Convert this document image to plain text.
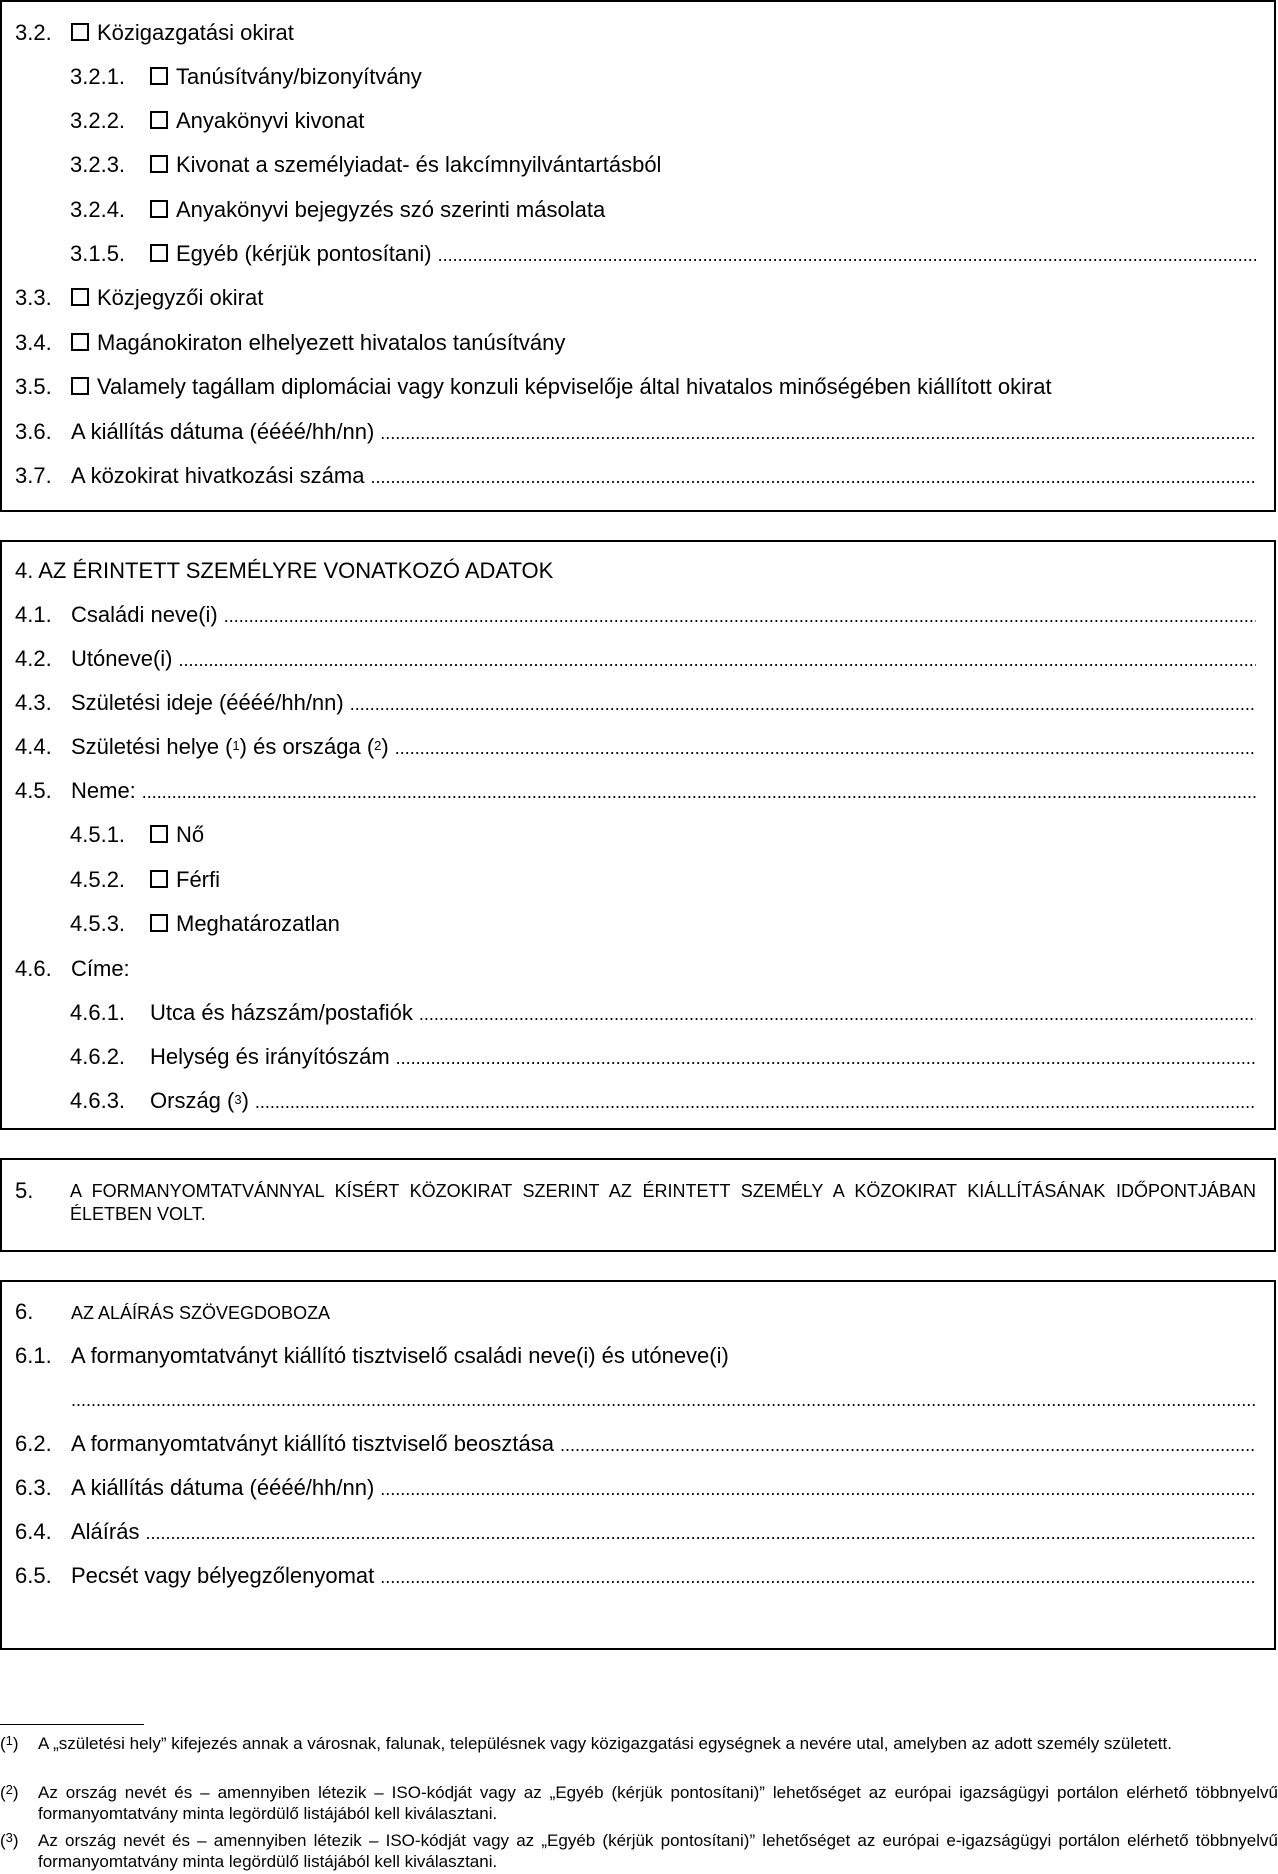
3.2.	Közigazgatási okirat
3.2.1.	Tanúsítvány/bizonyítvány
3.2.2.	Anyakönyvi kivonat
3.2.3.	Kivonat a személyiadat- és lakcímnyilvántartásból
3.2.4.	Anyakönyvi bejegyzés szó szerinti másolata
3.1.5.	Egyéb (kérjük pontosítani)
.....
3.3.	Közjegyzői okirat
3.4.	Magánokiraton elhelyezett hivatalos tanúsítvány
3.5.	Valamely tagállam diplomáciai vagy konzuli képviselője által hivatalos minőségében kiállított okirat
3.6. A kiállítás dátuma (éééé/hh/nn)
.....
3.7. A közokirat hivatkozási száma
.....
4. AZ ÉRINTETT SZEMÉLYRE VONATKOZÓ ADATOK
4.1. Családi neve(i)
.....
4.2. Utóneve(i)
.....
4.3. Születési ideje (éééé/hh/nn)
.....
4.4. Születési helye ($^1$) és országa ($^2$)
.....
4.5. Neme:
.....
4.5.1.	Nő
4.5.2.	Férfi
4.5.3.	Meghatározatlan
4.6. Címe:
4.6.1.	Utca és házszám/postafiók
.....
4.6.2.	Helység és irányítószám
.....
4.6.3.	Ország ($^3$)
.....
5. A FORMANYOMTATVÁNNYAL KÍSÉRT KÖZOKIRAT SZERINT AZ ÉRINTETT SZEMÉLY A KÖZOKIRAT KIÁLLÍTÁSÁNAK IDŐPONTJÁBAN ÉLETBEN VOLT.
6.	AZ ALÁÍRÁS SZÖVEGDOBOZA
6.1. A formanyomtatványt kiállító tisztviselő családi neve(i) és utóneve(i)
.....
6.2. A formanyomtatványt kiállító tisztviselő beosztása
.....
6.3. A kiállítás dátuma (éééé/hh/nn)
.....
6.4. Aláírás
.....
6.5. Pecsét vagy bélyegzőlenyomat
.....
($^1$) A „születési hely” kifejezés annak a városnak, falunak, településnek vagy közigazgatási egységnek a nevére utal, amelyben az adott személy született.
($^2$) Az ország nevét és – amennyiben létezik – ISO-kódját vagy az „Egyéb (kérjük pontosítani)” lehetőséget az európai igazságügyi portálon elérhető többnyelvű formanyomtatvány minta legördülő listájából kell kiválasztani.
($^3$) Az ország nevét és – amennyiben létezik – ISO-kódját vagy az „Egyéb (kérjük pontosítani)” lehetőséget az európai e-igazságügyi portálon elérhető többnyelvű formanyomtatvány minta legördülő listájából kell kiválasztani.
